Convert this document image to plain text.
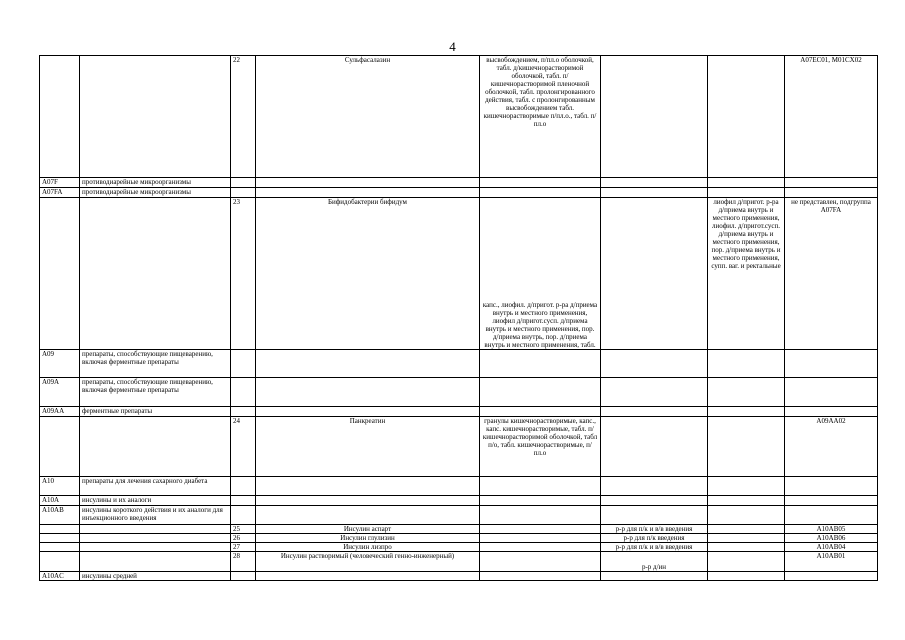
4
		22	Сульфасалазин	высвобождением, п/пл.о оболочкой, табл. д/кишечнорастворимой оболочкой, табл. п/кишечнорастворимой пленочной оболочкой, табл. пролонгированного действия, табл. с пролонгированным высвобождением табл. кишечнорастворимые п/пл.о., табл. п/пл.о			A07EC01, M01CX02
A07F	противодиарейные микроорганизмы						
A07FA	противодиарейные микроорганизмы						
		23	Бифидобактерии бифидум	капс., лиофил. д/пригот. р-ра д/приема внутрь и местного применения, лиофил д/пригот.сусп. д/приема внутрь и местного применения, пор. д/приема внутрь, пор. д/приема внутрь и местного применения, табл.		лиофил д/пригот. р-ра д/приема внутрь и местного применения, лиофил. д/пригот.сусп. д/приема внутрь и местного применения, пор. д/приема внутрь и местного применения, супп. ваг. и ректальные	не представлен, подгруппа A07FA
A09	препараты, способствующие пищеварению, включая ферментные препараты						
A09A	препараты, способствующие пищеварению, включая ферментные препараты						
A09AA	ферментные препараты						
		24	Панкреатин	гранулы кишечнорастворимые, капс., капс. кишечнорастворимые, табл. п/кишечнорастворимой оболочкой, табл п/о, табл. кишечнорастворимые, п/пл.о			A09AA02
A10	препараты для лечения сахарного диабета						
A10A	инсулины и их аналоги						
A10AB	инсулины короткого действия и их аналоги для инъекционного введения						
		25	Инсулин аспарт		р-р для п/к и в/в введения		A10AB05
		26	Инсулин глулизин		р-р для п/к введения		A10AB06
		27	Инсулин лизпро		р-р для п/к и в/в введения		A10AB04
		28	Инсулин растворимый (человеческий генно-инженерный)		р-р д/ин		A10AB01
A10AC	инсулины средней						
